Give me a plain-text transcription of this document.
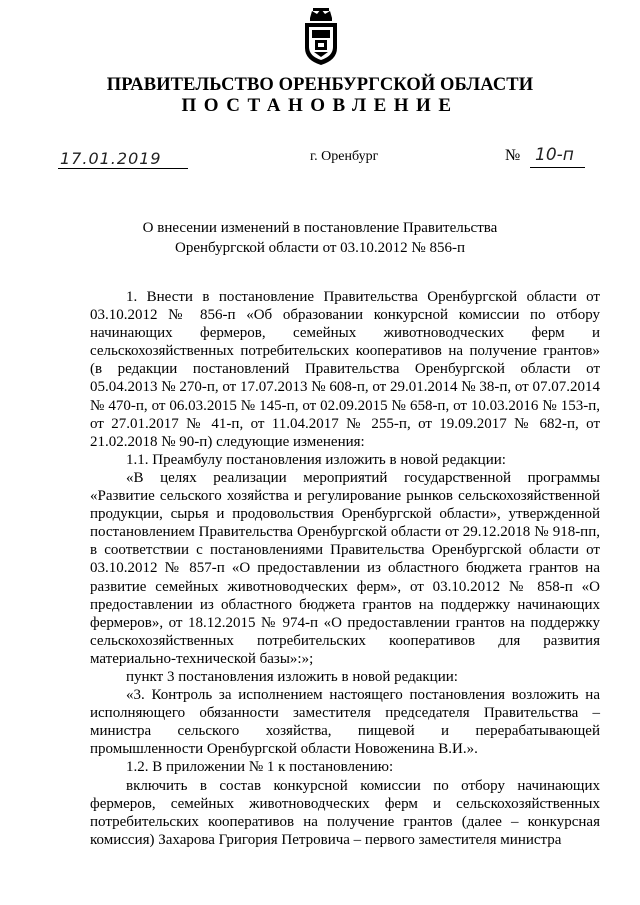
ПРАВИТЕЛЬСТВО ОРЕНБУРГСКОЙ ОБЛАСТИ
ПОСТАНОВЛЕНИЕ
17.01.2019	г. Оренбург	№ 10-п
О внесении изменений в постановление Правительства
Оренбургской области от 03.10.2012 № 856-п

1. Внести в постановление Правительства Оренбургской области от 03.10.2012 № 856-п «Об образовании конкурсной комиссии по отбору начинающих фермеров, семейных животноводческих ферм и сельскохозяйственных потребительских кооперативов на получение грантов» (в редакции постановлений Правительства Оренбургской области от 05.04.2013 № 270-п, от 17.07.2013 № 608-п, от 29.01.2014 № 38-п, от 07.07.2014 № 470-п, от 06.03.2015 № 145-п, от 02.09.2015 № 658-п, от 10.03.2016 № 153-п, от 27.01.2017 № 41-п, от 11.04.2017 № 255-п, от 19.09.2017 № 682-п, от 21.02.2018 № 90-п) следующие изменения:

1.1. Преамбулу постановления изложить в новой редакции:

«В целях реализации мероприятий государственной программы «Развитие сельского хозяйства и регулирование рынков сельскохозяйственной продукции, сырья и продовольствия Оренбургской области», утвержденной постановлением Правительства Оренбургской области от 29.12.2018 № 918-пп, в соответствии с постановлениями Правительства Оренбургской области от 03.10.2012 № 857-п «О предоставлении из областного бюджета грантов на развитие семейных животноводческих ферм», от 03.10.2012 № 858-п «О предоставлении из областного бюджета грантов на поддержку начинающих фермеров», от 18.12.2015 № 974-п «О предоставлении грантов на поддержку сельскохозяйственных потребительских кооперативов для развития материально-технической базы»:»;

пункт 3 постановления изложить в новой редакции:

«3. Контроль за исполнением настоящего постановления возложить на исполняющего обязанности заместителя председателя Правительства – министра сельского хозяйства, пищевой и перерабатывающей промышленности Оренбургской области Новоженина В.И.».

1.2. В приложении № 1 к постановлению:

включить в состав конкурсной комиссии по отбору начинающих фермеров, семейных животноводческих ферм и сельскохозяйственных потребительских кооперативов на получение грантов (далее – конкурсная комиссия) Захарова Григория Петровича – первого заместителя министра
